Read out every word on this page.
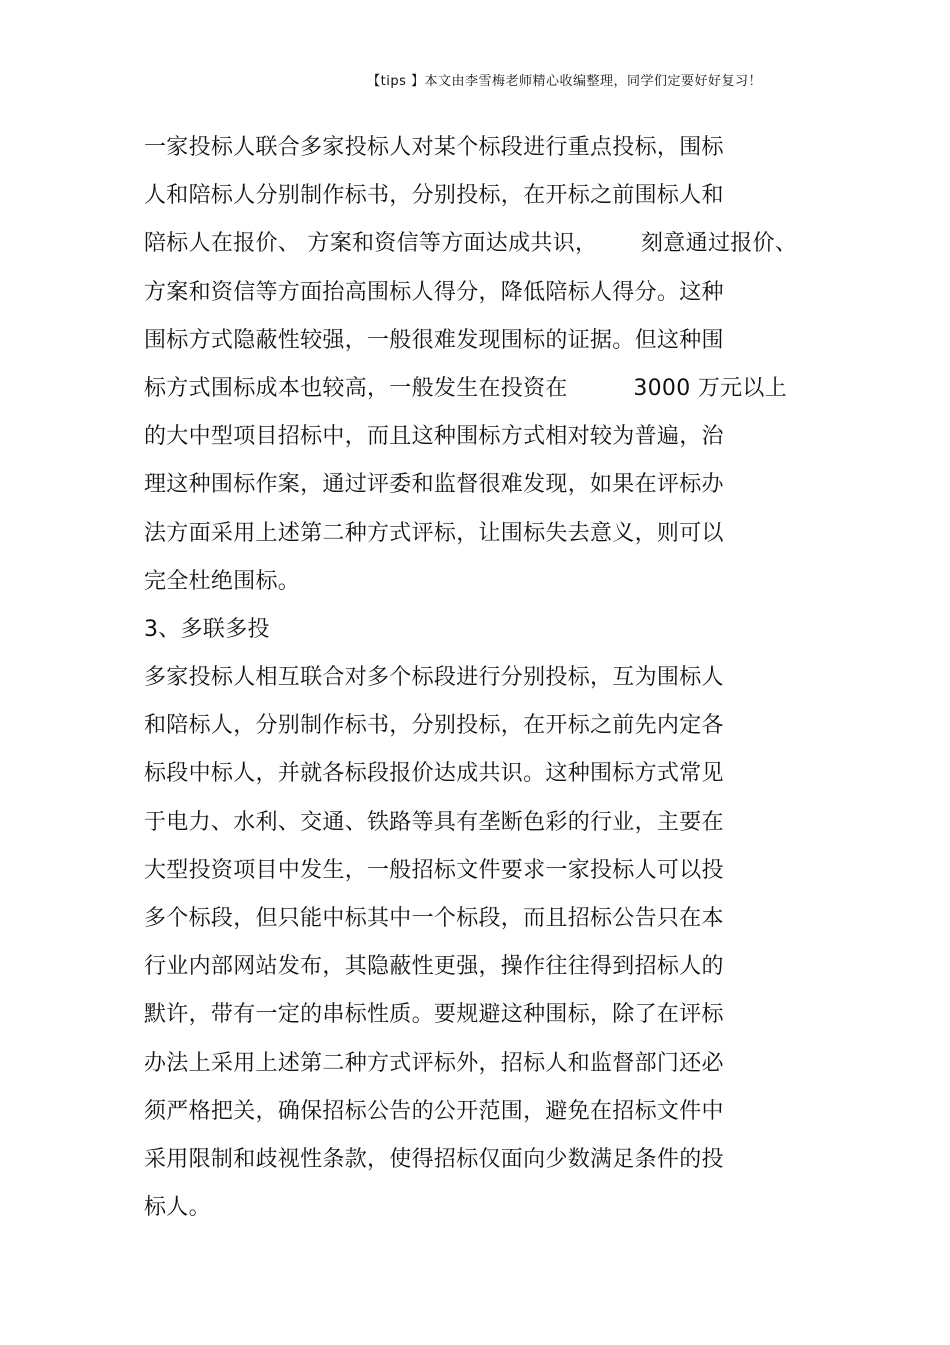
【tips 】本文由李雪梅老师精心收编整理，同学们定要好好复习！
一家投标人联合多家投标人对某个标段进行重点投标，围标
人和陪标人分别制作标书，分别投标，在开标之前围标人和
陪标人在报价、 方案和资信等方面达成共识，      刻意通过报价、
方案和资信等方面抬高围标人得分，降低陪标人得分。这种
围标方式隐蔽性较强，一般很难发现围标的证据。但这种围
标方式围标成本也较高，一般发生在投资在         3000 万元以上
的大中型项目招标中，而且这种围标方式相对较为普遍，治
理这种围标作案，通过评委和监督很难发现，如果在评标办
法方面采用上述第二种方式评标，让围标失去意义，则可以
完全杜绝围标。
3、多联多投
多家投标人相互联合对多个标段进行分别投标，互为围标人
和陪标人，分别制作标书，分别投标，在开标之前先内定各
标段中标人，并就各标段报价达成共识。这种围标方式常见
于电力、水利、交通、铁路等具有垄断色彩的行业，主要在
大型投资项目中发生，一般招标文件要求一家投标人可以投
多个标段，但只能中标其中一个标段，而且招标公告只在本
行业内部网站发布，其隐蔽性更强，操作往往得到招标人的
默许，带有一定的串标性质。要规避这种围标，除了在评标
办法上采用上述第二种方式评标外，招标人和监督部门还必
须严格把关，确保招标公告的公开范围，避免在招标文件中
采用限制和歧视性条款，使得招标仅面向少数满足条件的投
标人。
